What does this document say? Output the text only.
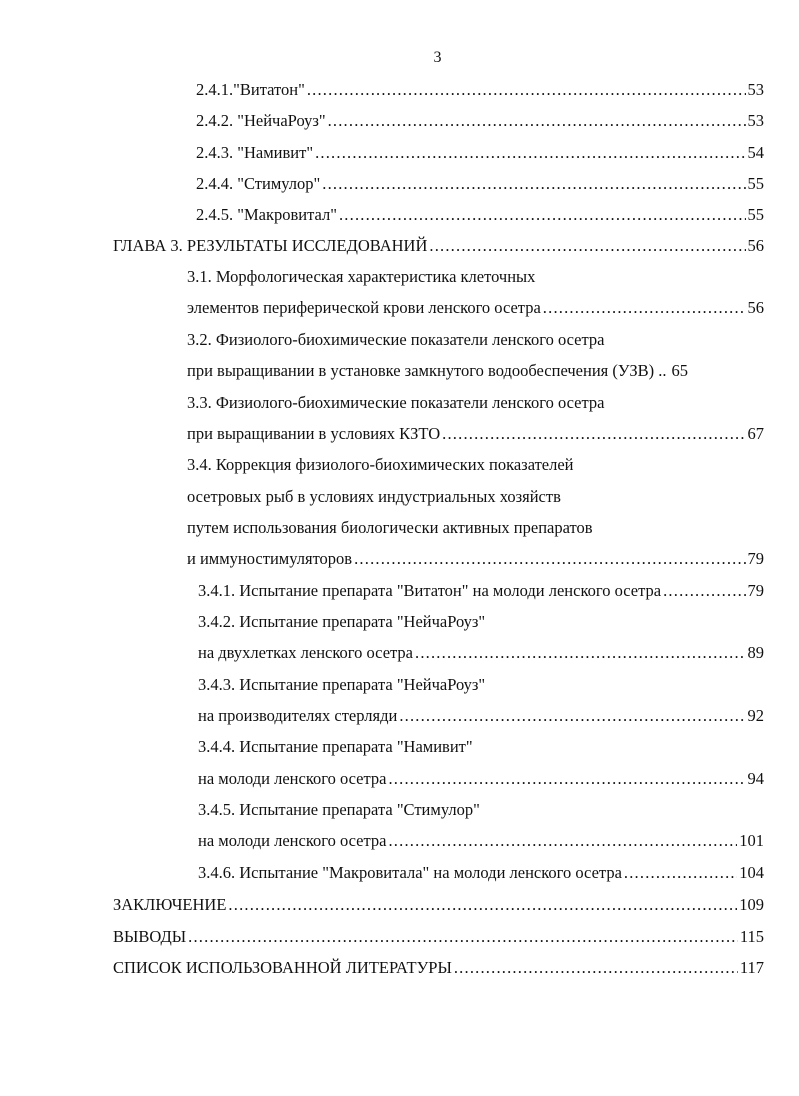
3
2.4.1."Витатон" .....	53
2.4.2. "НейчаРоуз" .....	53
2.4.3. "Намивит" .....	54
2.4.4. "Стимулор" .....	55
2.4.5. "Макровитал" .....	55
ГЛАВА 3. РЕЗУЛЬТАТЫ ИССЛЕДОВАНИЙ .....	56
3.1. Морфологическая характеристика клеточных
элементов периферической крови ленского осетра .....	56
3.2. Физиолого-биохимические показатели ленского осетра
при выращивании в установке замкнутого водообеспечения (УЗВ) .. 65
3.3. Физиолого-биохимические показатели ленского осетра
при выращивании в условиях КЗТО .....	67
3.4. Коррекция физиолого-биохимических показателей
осетровых рыб в условиях индустриальных хозяйств
путем использования биологически активных препаратов
и иммуностимуляторов .....	79
3.4.1. Испытание препарата "Витатон" на молоди ленского осетра .....	79
3.4.2. Испытание препарата "НейчаРоуз"
на двухлетках ленского осетра .....	89
3.4.3. Испытание препарата "НейчаРоуз"
на производителях стерляди .....	92
3.4.4. Испытание препарата "Намивит"
на молоди ленского осетра .....	94
3.4.5. Испытание препарата "Стимулор"
на молоди ленского осетра .....	101
3.4.6. Испытание "Макровитала" на молоди ленского осетра .....	104
ЗАКЛЮЧЕНИЕ .....	109
ВЫВОДЫ .....	115
СПИСОК ИСПОЛЬЗОВАННОЙ ЛИТЕРАТУРЫ .....	117
